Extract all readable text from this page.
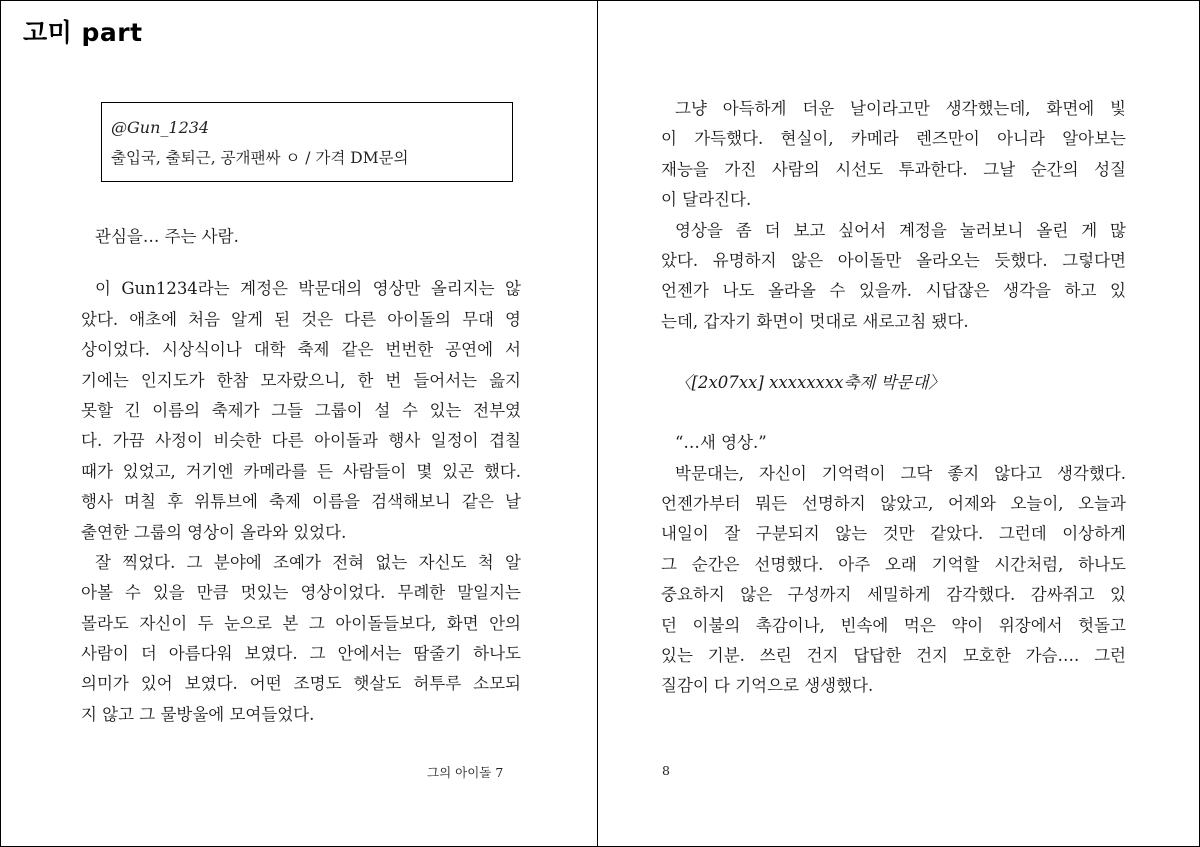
고미 part
@Gun_1234
출입국, 출퇴근, 공개팬싸 ㅇ / 가격 DM문의
관심을… 주는 사람.
이 Gun1234라는 계정은 박문대의 영상만 올리지는 않
았다. 애초에 처음 알게 된 것은 다른 아이돌의 무대 영
상이었다. 시상식이나 대학 축제 같은 번번한 공연에 서
기에는 인지도가 한참 모자랐으니, 한 번 들어서는 읊지
못할 긴 이름의 축제가 그들 그룹이 설 수 있는 전부였
다. 가끔 사정이 비슷한 다른 아이돌과 행사 일정이 겹칠
때가 있었고, 거기엔 카메라를 든 사람들이 몇 있곤 했다.
행사 며칠 후 위튜브에 축제 이름을 검색해보니 같은 날
출연한 그룹의 영상이 올라와 있었다.
잘 찍었다. 그 분야에 조예가 전혀 없는 자신도 척 알
아볼 수 있을 만큼 멋있는 영상이었다. 무례한 말일지는
몰라도 자신이 두 눈으로 본 그 아이돌들보다, 화면 안의
사람이 더 아름다워 보였다. 그 안에서는 땀줄기 하나도
의미가 있어 보였다. 어떤 조명도 햇살도 허투루 소모되
지 않고 그 물방울에 모여들었다.
그의 아이돌 7
그냥 아득하게 더운 날이라고만 생각했는데, 화면에 빛
이 가득했다. 현실이, 카메라 렌즈만이 아니라 알아보는
재능을 가진 사람의 시선도 투과한다. 그날 순간의 성질
이 달라진다.
영상을 좀 더 보고 싶어서 계정을 눌러보니 올린 게 많
았다. 유명하지 않은 아이돌만 올라오는 듯했다. 그렇다면
언젠가 나도 올라올 수 있을까. 시답잖은 생각을 하고 있
는데, 갑자기 화면이 멋대로 새로고침 됐다.
〈[2x07xx] xxxxxxxx축제 박문대〉
“…새 영상.”
박문대는, 자신이 기억력이 그닥 좋지 않다고 생각했다.
언젠가부터 뭐든 선명하지 않았고, 어제와 오늘이, 오늘과
내일이 잘 구분되지 않는 것만 같았다. 그런데 이상하게
그 순간은 선명했다. 아주 오래 기억할 시간처럼, 하나도
중요하지 않은 구성까지 세밀하게 감각했다. 감싸쥐고 있
던 이불의 촉감이나, 빈속에 먹은 약이 위장에서 헛돌고
있는 기분. 쓰린 건지 답답한 건지 모호한 가슴…. 그런
질감이 다 기억으로 생생했다.
8
